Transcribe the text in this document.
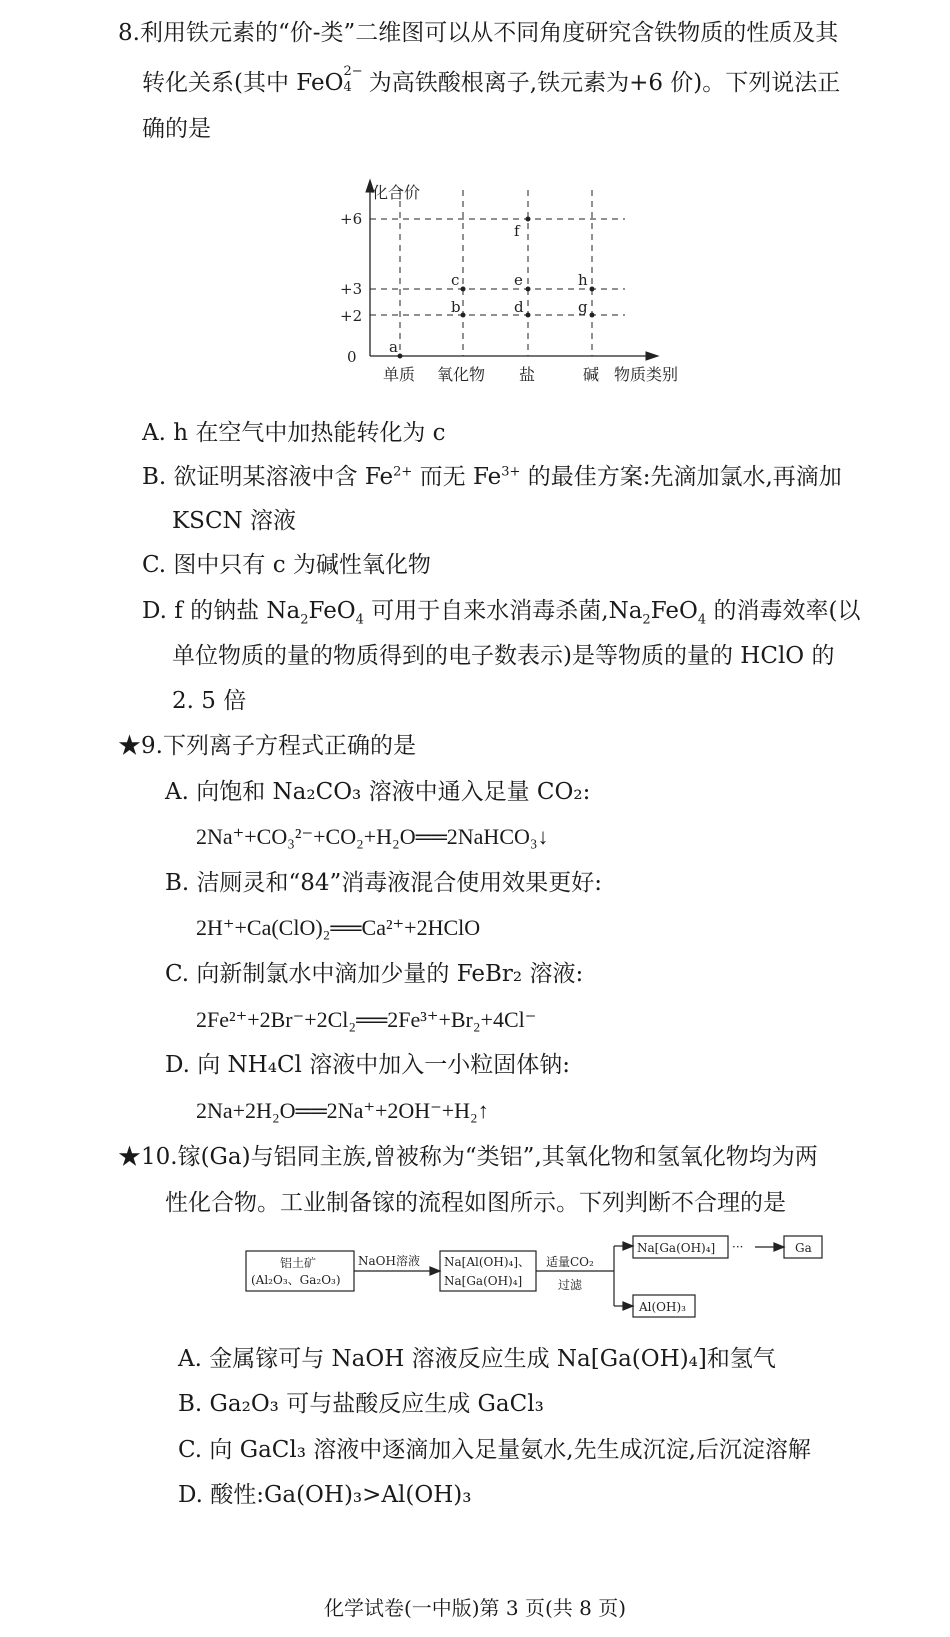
8.利用铁元素的“价-类”二维图可以从不同角度研究含铁物质的性质及其
转化关系(其中 FeO 2−
4 为高铁酸根离子,铁元素为+6 价)。下列说法正
确的是
化合价
+6
+3
+2
0
a
b
c
d
e
f
g
h
单质 氧化物 盐	碱 物质类别
A. h 在空气中加热能转化为 c
B. 欲证明某溶液中含 $Fe^{2+}$ 而无 $Fe^{3+}$ 的最佳方案:先滴加氯水,再滴加
KSCN 溶液
C. 图中只有 c 为碱性氧化物
D. f 的钠盐 $Na_2FeO_4$ 可用于自来水消毒杀菌$,Na_2FeO_4$ 的消毒效率(以
单位物质的量的物质得到的电子数表示)是等物质的量的 HClO 的
2. 5 倍
★9.下列离子方程式正确的是
A. 向饱和 Na₂CO₃ 溶液中通入足量 CO₂:
2Na⁺+CO₃²⁻+CO₂+H₂O══2NaHCO₃↓
B. 洁厕灵和“84”消毒液混合使用效果更好:
2H⁺+Ca(ClO)₂══Ca²⁺+2HClO
C. 向新制氯水中滴加少量的 FeBr₂ 溶液:
2Fe²⁺+2Br⁻+2Cl₂══2Fe³⁺+Br₂+4Cl⁻
D. 向 NH₄Cl 溶液中加入一小粒固体钠:
2Na+2H₂O══2Na⁺+2OH⁻+H₂↑
★10.镓(Ga)与铝同主族,曾被称为“类铝”,其氧化物和氢氧化物均为两
性化合物。工业制备镓的流程如图所示。下列判断不合理的是
铝土矿
(Al₂O₃、Ga₂O₃)
NaOH溶液 Na[Al(OH)₄]、
Na[Ga(OH)₄]
适量CO₂
过滤
Na[Ga(OH)₄] ···	Ga
Al(OH)₃
A. 金属镓可与 NaOH 溶液反应生成 Na[Ga(OH)₄]和氢气
B. Ga₂O₃ 可与盐酸反应生成 GaCl₃
C. 向 GaCl₃ 溶液中逐滴加入足量氨水,先生成沉淀,后沉淀溶解
D. 酸性:Ga(OH)₃>Al(OH)₃
化学试卷(一中版)第 3 页(共 8 页)
